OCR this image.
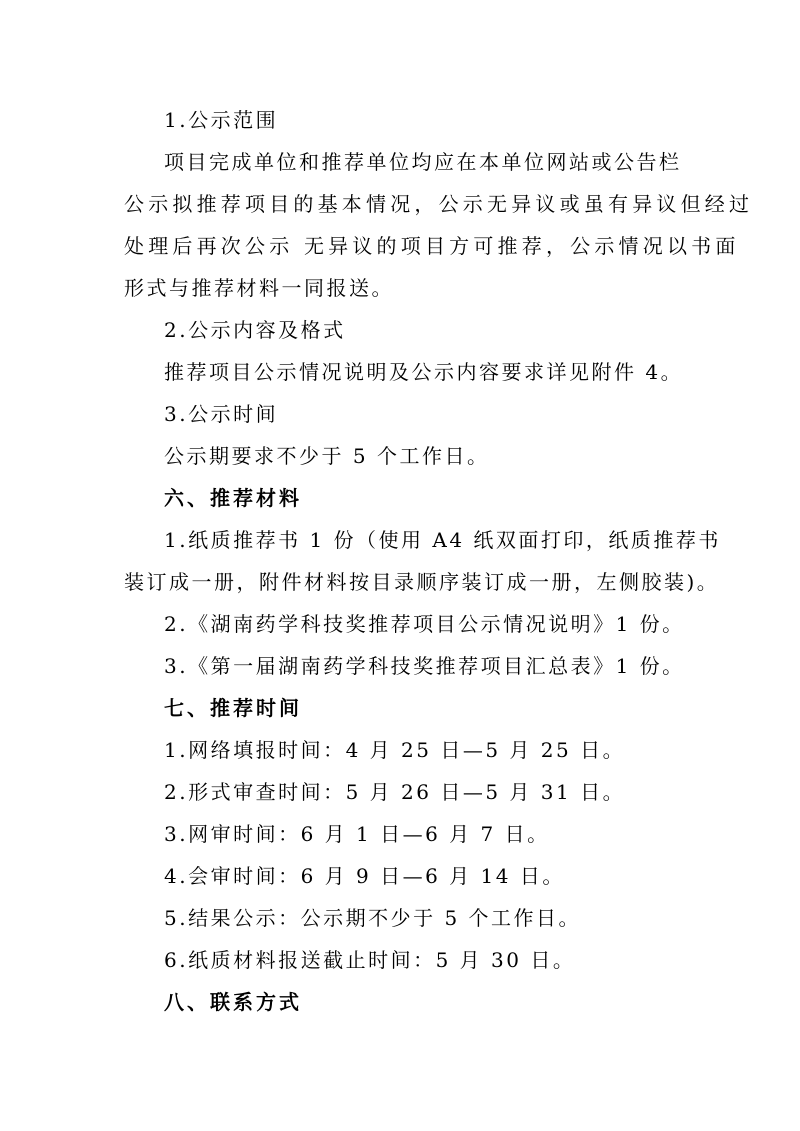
1.公示范围
项目完成单位和推荐单位均应在本单位网站或公告栏
公示拟推荐项目的基本情况，公示无异议或虽有异议但经过
处理后再次公示 无异议的项目方可推荐，公示情况以书面
形式与推荐材料一同报送。
2.公示内容及格式
推荐项目公示情况说明及公示内容要求详见附件 4。
3.公示时间
公示期要求不少于 5 个工作日。
六、推荐材料
1.纸质推荐书 1 份（使用 A4 纸双面打印，纸质推荐书
装订成一册，附件材料按目录顺序装订成一册，左侧胶装)。
2.《湖南药学科技奖推荐项目公示情况说明》1 份。
3.《第一届湖南药学科技奖推荐项目汇总表》1 份。
七、推荐时间
1.网络填报时间：4 月 25 日—5 月 25 日。
2.形式审查时间：5 月 26 日—5 月 31 日。
3.网审时间：6 月 1 日—6 月 7 日。
4.会审时间：6 月 9 日—6 月 14 日。
5.结果公示：公示期不少于 5 个工作日。
6.纸质材料报送截止时间：5 月 30 日。
八、联系方式
